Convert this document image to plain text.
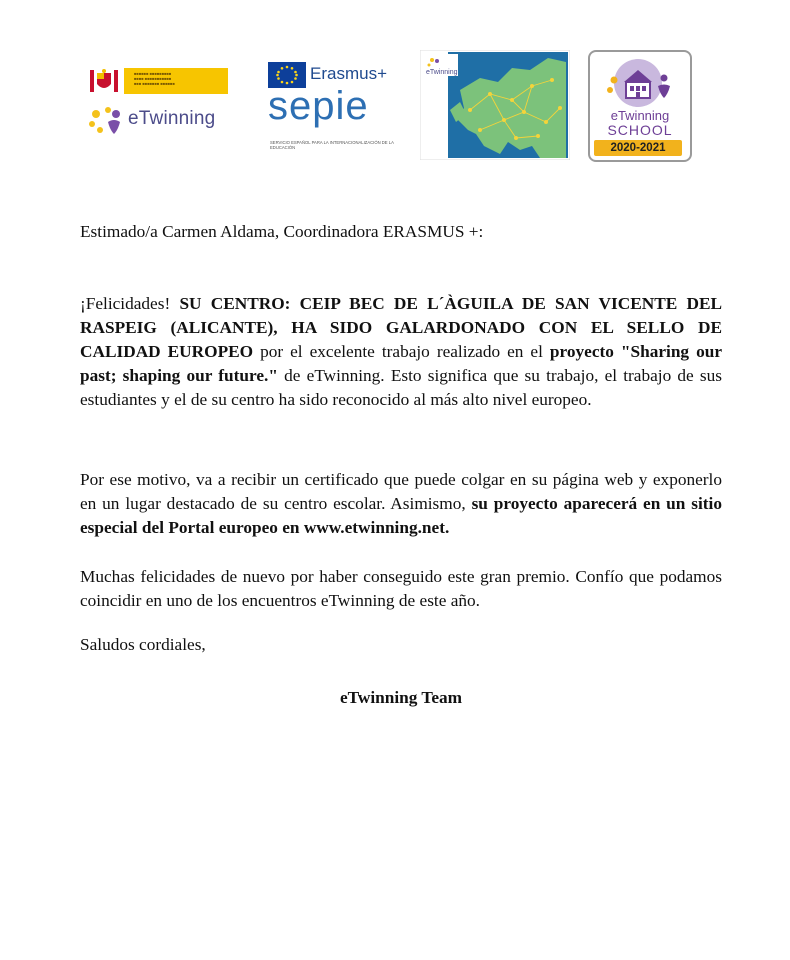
■■■■■■ ■■■■■■■■■
■■■■ ■■■■■■■■■■■
■■■ ■■■■■■■ ■■■■■■
eTwinning
Erasmus+
sepie
SERVICIO ESPAÑOL PARA LA INTERNACIONALIZACIÓN DE LA EDUCACIÓN
eTwinning
eTwinning
SCHOOL
2020-2021
Estimado/a Carmen Aldama, Coordinadora ERASMUS +:
¡Felicidades! SU CENTRO: CEIP BEC DE L´ÀGUILA DE SAN VICENTE DEL RASPEIG (ALICANTE), HA SIDO GALARDONADO CON EL SELLO DE CALIDAD EUROPEO por el excelente trabajo realizado en el proyecto "Sharing our past; shaping our future." de eTwinning. Esto significa que su trabajo, el trabajo de sus estudiantes y el de su centro ha sido reconocido al más alto nivel europeo.
Por ese motivo, va a recibir un certificado que puede colgar en su página web y exponerlo en un lugar destacado de su centro escolar. Asimismo, su proyecto aparecerá en un sitio especial del Portal europeo en www.etwinning.net.
Muchas felicidades de nuevo por haber conseguido este gran premio. Confío que podamos coincidir en uno de los encuentros eTwinning de este año.
Saludos cordiales,
eTwinning Team
